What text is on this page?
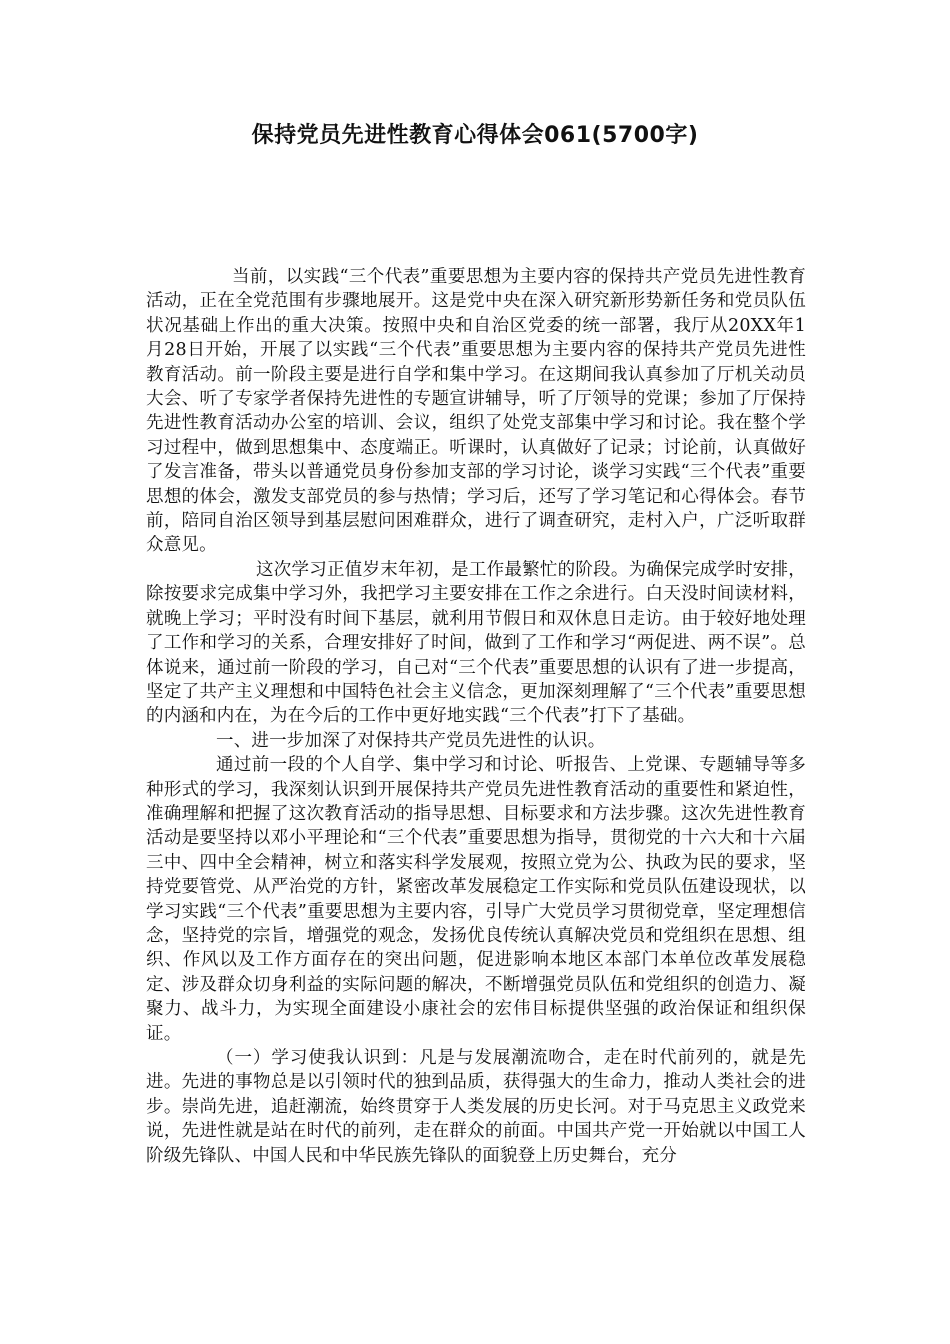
保持党员先进性教育心得体会061(5700字)

当前，以实践“三个代表”重要思想为主要内容的保持共产党员先进性教育活动，正在全党范围有步骤地展开。这是党中央在深入研究新形势新任务和党员队伍状况基础上作出的重大决策。按照中央和自治区党委的统一部署，我厅从20XX年1月28日开始，开展了以实践“三个代表”重要思想为主要内容的保持共产党员先进性教育活动。前一阶段主要是进行自学和集中学习。在这期间我认真参加了厅机关动员大会、听了专家学者保持先进性的专题宣讲辅导，听了厅领导的党课；参加了厅保持先进性教育活动办公室的培训、会议，组织了处党支部集中学习和讨论。我在整个学习过程中，做到思想集中、态度端正。听课时，认真做好了记录；讨论前，认真做好了发言准备，带头以普通党员身份参加支部的学习讨论，谈学习实践“三个代表”重要思想的体会，激发支部党员的参与热情；学习后，还写了学习笔记和心得体会。春节前，陪同自治区领导到基层慰问困难群众，进行了调查研究，走村入户，广泛听取群众意见。

这次学习正值岁末年初，是工作最繁忙的阶段。为确保完成学时安排，除按要求完成集中学习外，我把学习主要安排在工作之余进行。白天没时间读材料，就晚上学习；平时没有时间下基层，就利用节假日和双休息日走访。由于较好地处理了工作和学习的关系，合理安排好了时间，做到了工作和学习“两促进、两不误”。总体说来，通过前一阶段的学习，自己对“三个代表”重要思想的认识有了进一步提高，坚定了共产主义理想和中国特色社会主义信念，更加深刻理解了“三个代表”重要思想的内涵和内在，为在今后的工作中更好地实践“三个代表”打下了基础。

一、进一步加深了对保持共产党员先进性的认识。

通过前一段的个人自学、集中学习和讨论、听报告、上党课、专题辅导等多种形式的学习，我深刻认识到开展保持共产党员先进性教育活动的重要性和紧迫性，准确理解和把握了这次教育活动的指导思想、目标要求和方法步骤。这次先进性教育活动是要坚持以邓小平理论和“三个代表”重要思想为指导，贯彻党的十六大和十六届三中、四中全会精神，树立和落实科学发展观，按照立党为公、执政为民的要求，坚持党要管党、从严治党的方针，紧密改革发展稳定工作实际和党员队伍建设现状，以学习实践“三个代表”重要思想为主要内容，引导广大党员学习贯彻党章，坚定理想信念，坚持党的宗旨，增强党的观念，发扬优良传统认真解决党员和党组织在思想、组织、作风以及工作方面存在的突出问题，促进影响本地区本部门本单位改革发展稳定、涉及群众切身利益的实际问题的解决，不断增强党员队伍和党组织的创造力、凝聚力、战斗力，为实现全面建设小康社会的宏伟目标提供坚强的政治保证和组织保证。

（一）学习使我认识到：凡是与发展潮流吻合，走在时代前列的，就是先进。先进的事物总是以引领时代的独到品质，获得强大的生命力，推动人类社会的进步。崇尚先进，追赶潮流，始终贯穿于人类发展的历史长河。对于马克思主义政党来说，先进性就是站在时代的前列，走在群众的前面。中国共产党一开始就以中国工人阶级先锋队、中国人民和中华民族先锋队的面貌登上历史舞台，充分
